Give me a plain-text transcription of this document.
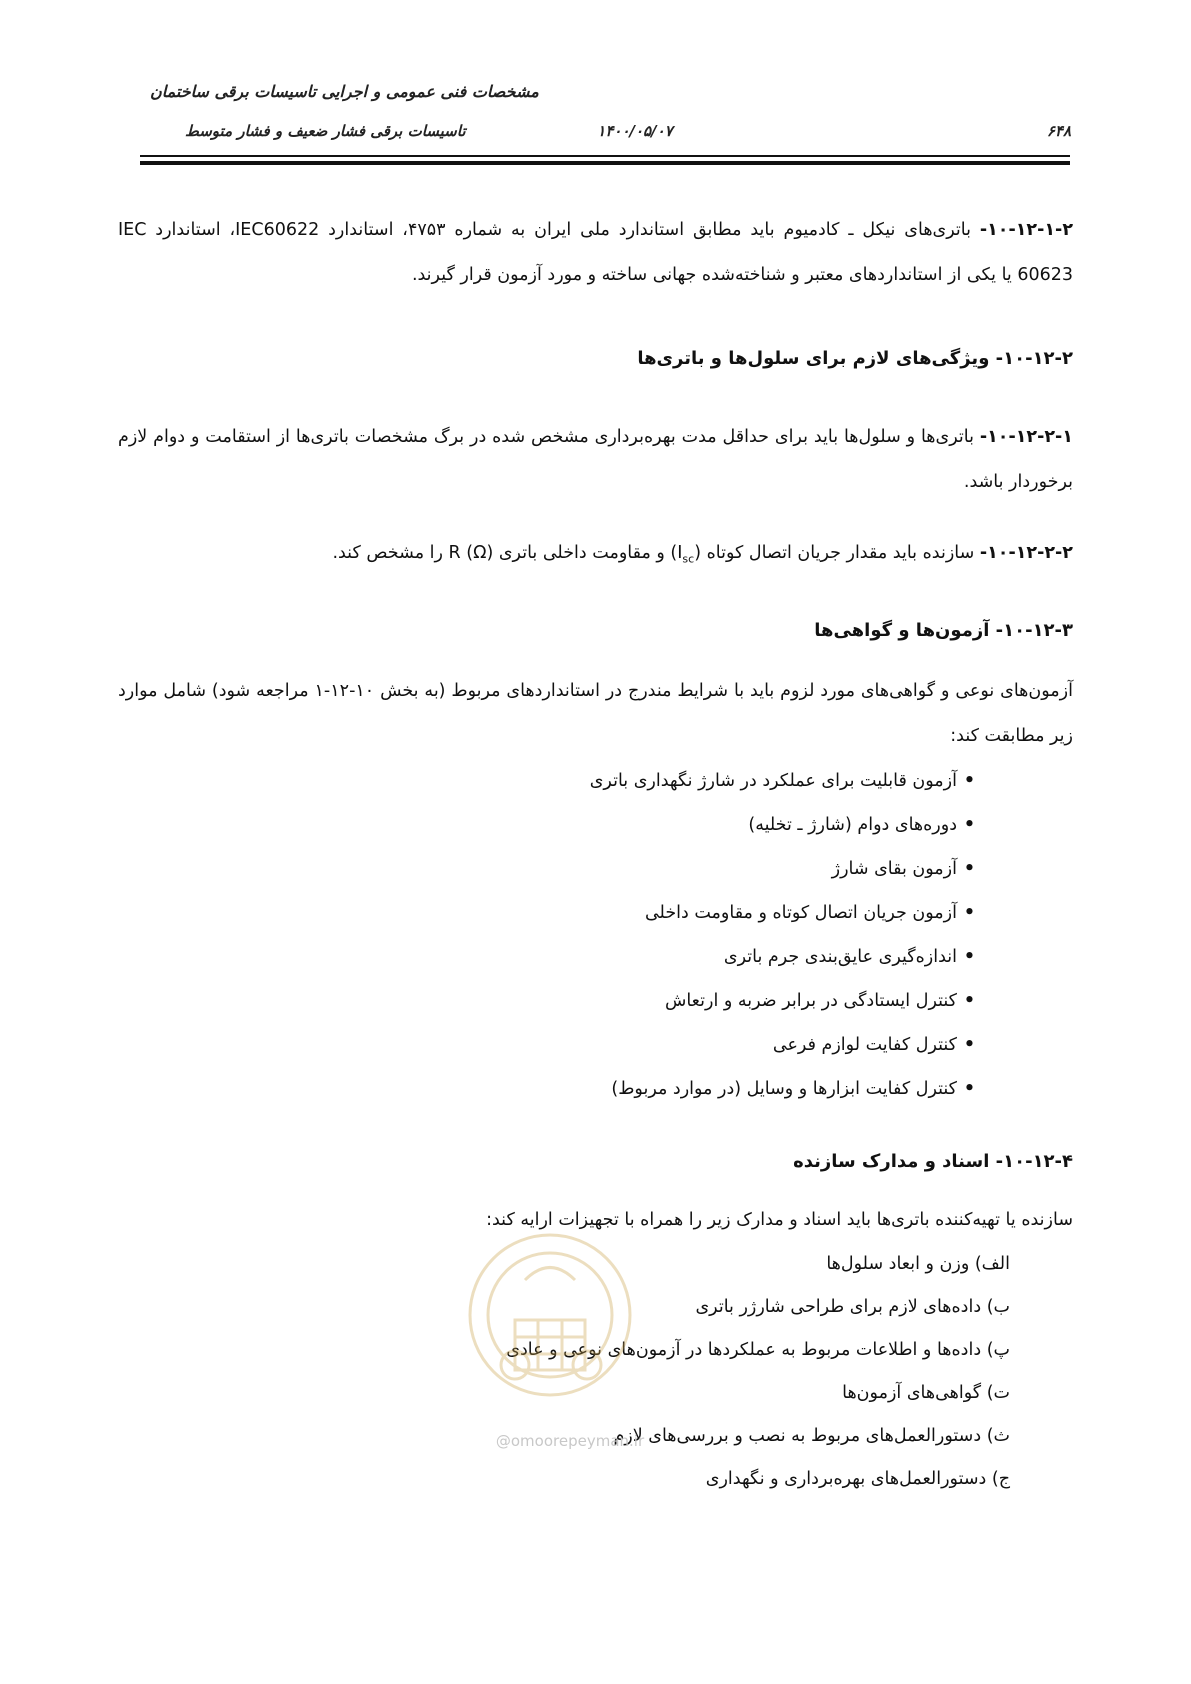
مشخصات فنی عمومی و اجرایی تاسیسات برقی ساختمان
تاسیسات برقی فشار ضعیف و فشار متوسط	۱۴۰۰/۰۵/۰۷	۶۴۸

۱۰-۱۲-۱-۲- باتری‌های نیکل ـ کادمیوم باید مطابق استاندارد ملی ایران به شماره ۴۷۵۳، استاندارد IEC60622، استاندارد IEC 60623 یا یکی از استانداردهای معتبر و شناخته‌شده جهانی ساخته و مورد آزمون قرار گیرند.

۱۰-۱۲-۲- ویژگی‌های لازم برای سلول‌ها و باتری‌ها

۱۰-۱۲-۲-۱- باتری‌ها و سلول‌ها باید برای حداقل مدت بهره‌برداری مشخص شده در برگ مشخصات باتری‌ها از استقامت و دوام لازم برخوردار باشد.

۱۰-۱۲-۲-۲- سازنده باید مقدار جریان اتصال کوتاه $(I_{sc})$ و مقاومت داخلی باتری (Ω) R را مشخص کند.

۱۰-۱۲-۳- آزمون‌ها و گواهی‌ها

آزمون‌های نوعی و گواهی‌های مورد لزوم باید با شرایط مندرج در استانداردهای مربوط (به بخش ۱۰-۱۲-۱ مراجعه شود) شامل موارد زیر مطابقت کند:

• آزمون قابلیت برای عملکرد در شارژ نگهداری باتری
• دوره‌های دوام (شارژ ـ تخلیه)
• آزمون بقای شارژ
• آزمون جریان اتصال کوتاه و مقاومت داخلی
• اندازه‌گیری عایق‌بندی جرم باتری
• کنترل ایستادگی در برابر ضربه و ارتعاش
• کنترل کفایت لوازم فرعی
• کنترل کفایت ابزارها و وسایل (در موارد مربوط)

۱۰-۱۲-۴- اسناد و مدارک سازنده

سازنده یا تهیه‌کننده باتری‌ها باید اسناد و مدارک زیر را همراه با تجهیزات ارایه کند:

الف) وزن و ابعاد سلول‌ها
ب) داده‌های لازم برای طراحی شارژر باتری
پ) داده‌ها و اطلاعات مربوط به عملکردها در آزمون‌های نوعی و عادی
ت) گواهی‌های آزمون‌ها
ث) دستورالعمل‌های مربوط به نصب و بررسی‌های لازم
ج) دستورالعمل‌های بهره‌برداری و نگهداری
@omoorepeyman.ir
